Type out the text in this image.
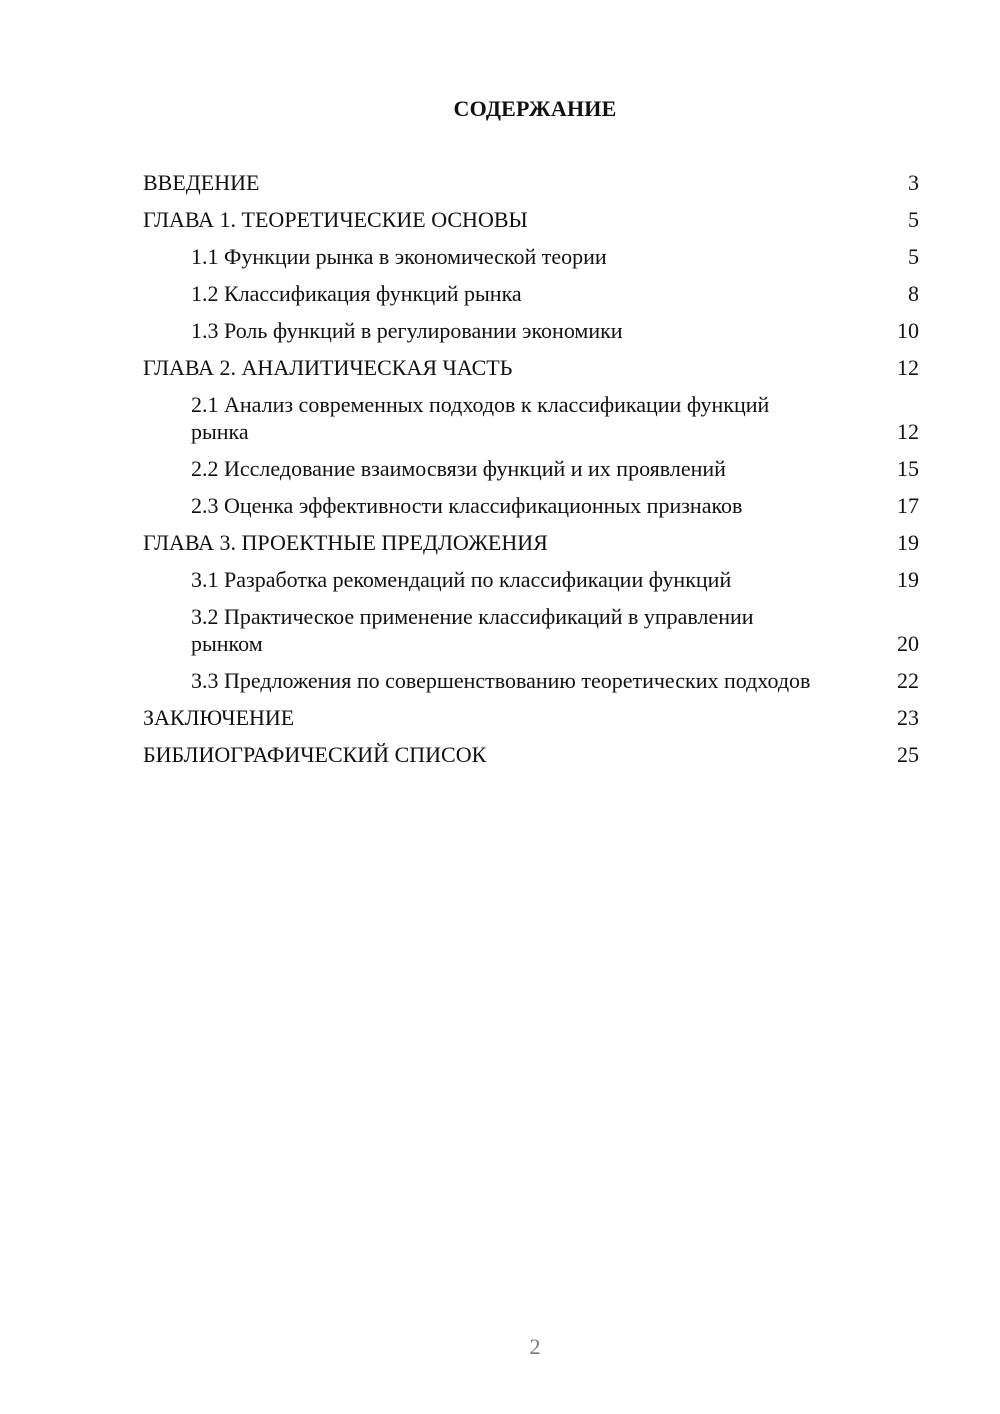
СОДЕРЖАНИЕ
ВВЕДЕНИЕ	3
ГЛАВА 1. ТЕОРЕТИЧЕСКИЕ ОСНОВЫ	5
1.1 Функции рынка в экономической теории	5
1.2 Классификация функций рынка	8
1.3 Роль функций в регулировании экономики	10
ГЛАВА 2. АНАЛИТИЧЕСКАЯ ЧАСТЬ	12
2.1 Анализ современных подходов к классификации функций рынка	12
2.2 Исследование взаимосвязи функций и их проявлений	15
2.3 Оценка эффективности классификационных признаков	17
ГЛАВА 3. ПРОЕКТНЫЕ ПРЕДЛОЖЕНИЯ	19
3.1 Разработка рекомендаций по классификации функций	19
3.2 Практическое применение классификаций в управлении рынком	20
3.3 Предложения по совершенствованию теоретических подходов	22
ЗАКЛЮЧЕНИЕ	23
БИБЛИОГРАФИЧЕСКИЙ СПИСОК	25
2
